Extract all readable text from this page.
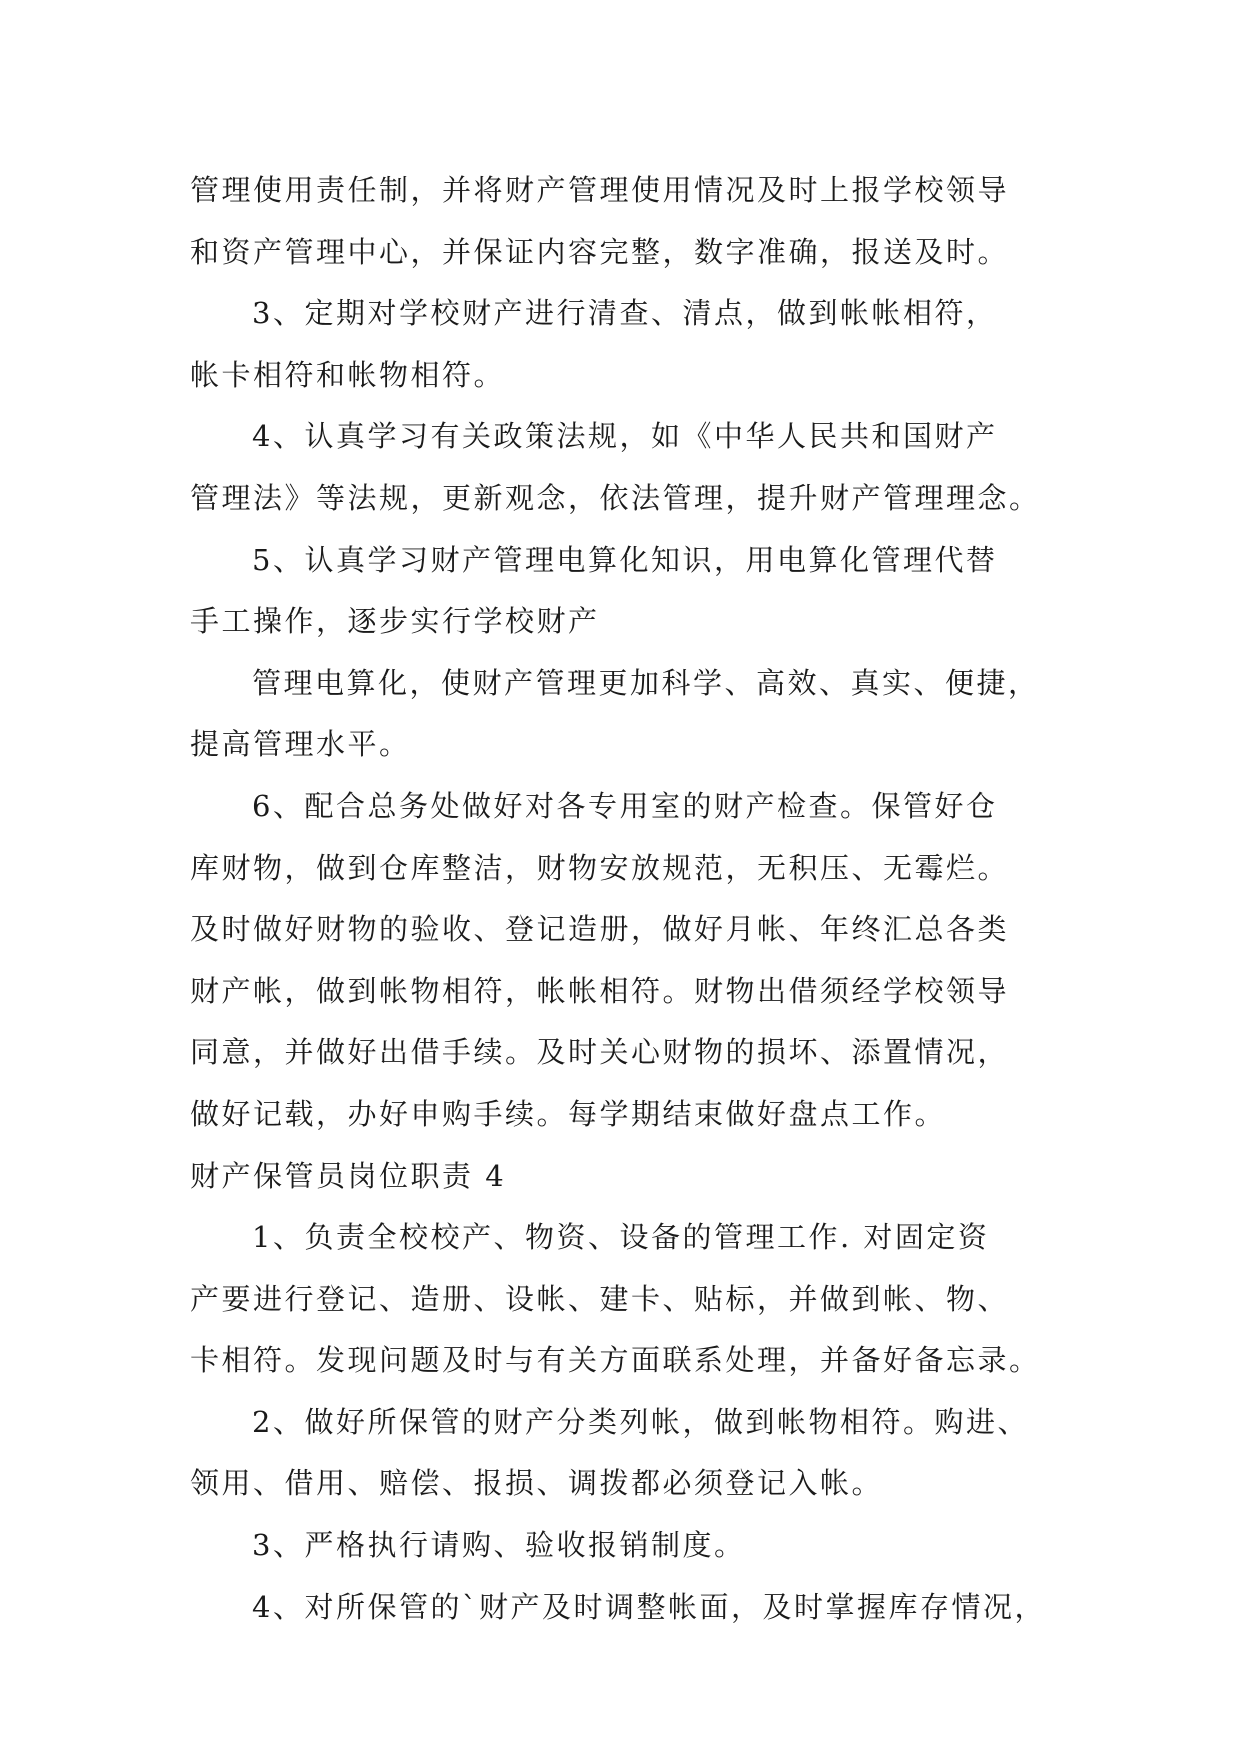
管理使用责任制，并将财产管理使用情况及时上报学校领导
和资产管理中心，并保证内容完整，数字准确，报送及时。
3、定期对学校财产进行清查、清点，做到帐帐相符，
帐卡相符和帐物相符。
4、认真学习有关政策法规，如《中华人民共和国财产
管理法》等法规，更新观念，依法管理，提升财产管理理念。
5、认真学习财产管理电算化知识，用电算化管理代替
手工操作，逐步实行学校财产
管理电算化，使财产管理更加科学、高效、真实、便捷，
提高管理水平。
6、配合总务处做好对各专用室的财产检查。保管好仓
库财物，做到仓库整洁，财物安放规范，无积压、无霉烂。
及时做好财物的验收、登记造册，做好月帐、年终汇总各类
财产帐，做到帐物相符，帐帐相符。财物出借须经学校领导
同意，并做好出借手续。及时关心财物的损坏、添置情况，
做好记载，办好申购手续。每学期结束做好盘点工作。
财产保管员岗位职责 4
1、负责全校校产、物资、设备的管理工作. 对固定资
产要进行登记、造册、设帐、建卡、贴标，并做到帐、物、
卡相符。发现问题及时与有关方面联系处理，并备好备忘录。
2、做好所保管的财产分类列帐，做到帐物相符。购进、
领用、借用、赔偿、报损、调拨都必须登记入帐。
3、严格执行请购、验收报销制度。
4、对所保管的`财产及时调整帐面，及时掌握库存情况，
